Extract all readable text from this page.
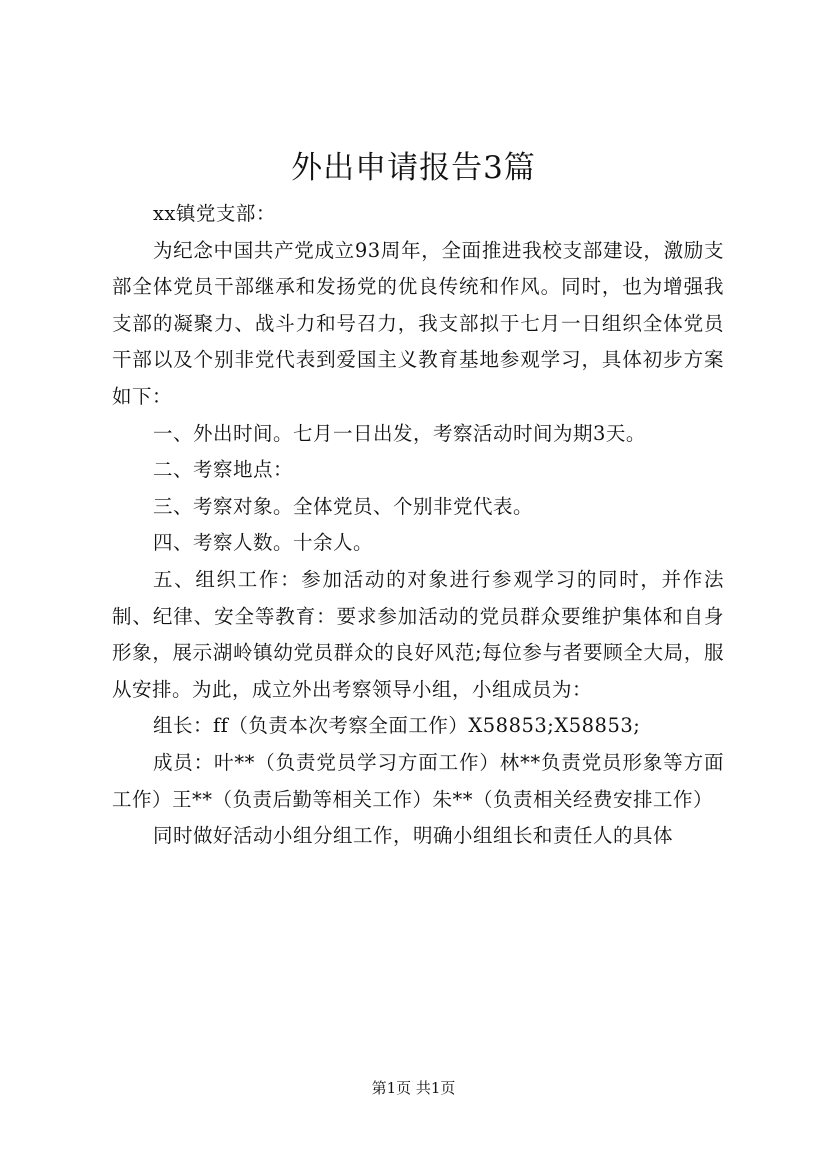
外出申请报告3篇

xx镇党支部：

为纪念中国共产党成立93周年，全面推进我校支部建设，激励支部全体党员干部继承和发扬党的优良传统和作风。同时，也为增强我支部的凝聚力、战斗力和号召力，我支部拟于七月一日组织全体党员干部以及个别非党代表到爱国主义教育基地参观学习，具体初步方案如下：

一、外出时间。七月一日出发，考察活动时间为期3天。

二、考察地点：

三、考察对象。全体党员、个别非党代表。

四、考察人数。十余人。

五、组织工作：参加活动的对象进行参观学习的同时，并作法制、纪律、安全等教育：要求参加活动的党员群众要维护集体和自身形象，展示湖岭镇幼党员群众的良好风范;每位参与者要顾全大局，服从安排。为此，成立外出考察领导小组，小组成员为：

组长：ff（负责本次考察全面工作）X58853;X58853;

成员：叶**（负责党员学习方面工作）林**负责党员形象等方面工作）王**（负责后勤等相关工作）朱**（负责相关经费安排工作）

同时做好活动小组分组工作，明确小组组长和责任人的具体

第1页 共1页
